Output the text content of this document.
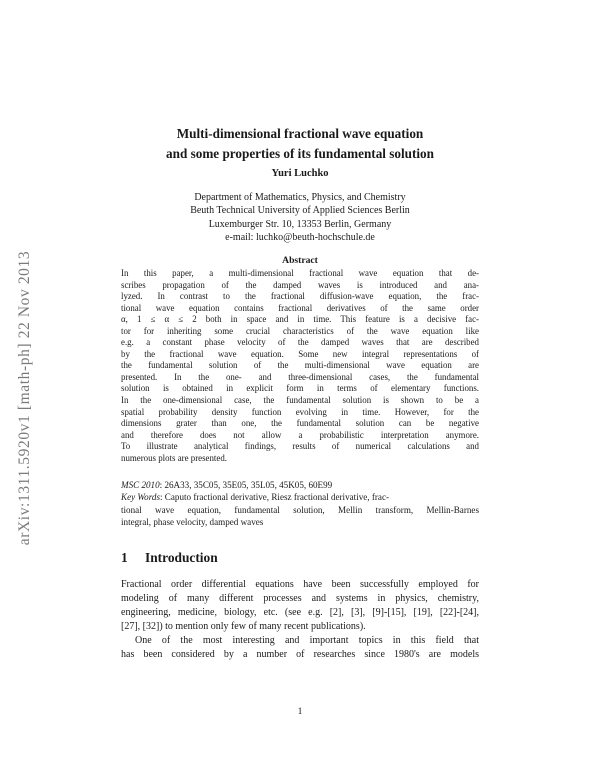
arXiv:1311.5920v1 [math-ph] 22 Nov 2013
Multi-dimensional fractional wave equation
and some properties of its fundamental solution
Yuri Luchko
Department of Mathematics, Physics, and Chemistry
Beuth Technical University of Applied Sciences Berlin
Luxemburger Str. 10, 13353 Berlin, Germany
e-mail: luchko@beuth-hochschule.de
Abstract
In this paper, a multi-dimensional fractional wave equation that de-
scribes propagation of the damped waves is introduced and ana-
lyzed. In contrast to the fractional diffusion-wave equation, the frac-
tional wave equation contains fractional derivatives of the same order
α, 1 ≤ α ≤ 2 both in space and in time. This feature is a decisive fac-
tor for inheriting some crucial characteristics of the wave equation like
e.g. a constant phase velocity of the damped waves that are described
by the fractional wave equation. Some new integral representations of
the fundamental solution of the multi-dimensional wave equation are
presented. In the one- and three-dimensional cases, the fundamental
solution is obtained in explicit form in terms of elementary functions.
In the one-dimensional case, the fundamental solution is shown to be a
spatial probability density function evolving in time. However, for the
dimensions grater than one, the fundamental solution can be negative
and therefore does not allow a probabilistic interpretation anymore.
To illustrate analytical findings, results of numerical calculations and
numerous plots are presented.
MSC 2010: 26A33, 35C05, 35E05, 35L05, 45K05, 60E99
Key Words: Caputo fractional derivative, Riesz fractional derivative, frac-
tional wave equation, fundamental solution, Mellin transform, Mellin-Barnes
integral, phase velocity, damped waves
1 Introduction
Fractional order differential equations have been successfully employed for
modeling of many different processes and systems in physics, chemistry,
engineering, medicine, biology, etc. (see e.g. [2], [3], [9]-[15], [19], [22]-[24],
[27], [32]) to mention only few of many recent publications).
One of the most interesting and important topics in this field that
has been considered by a number of researches since 1980's are models
1
